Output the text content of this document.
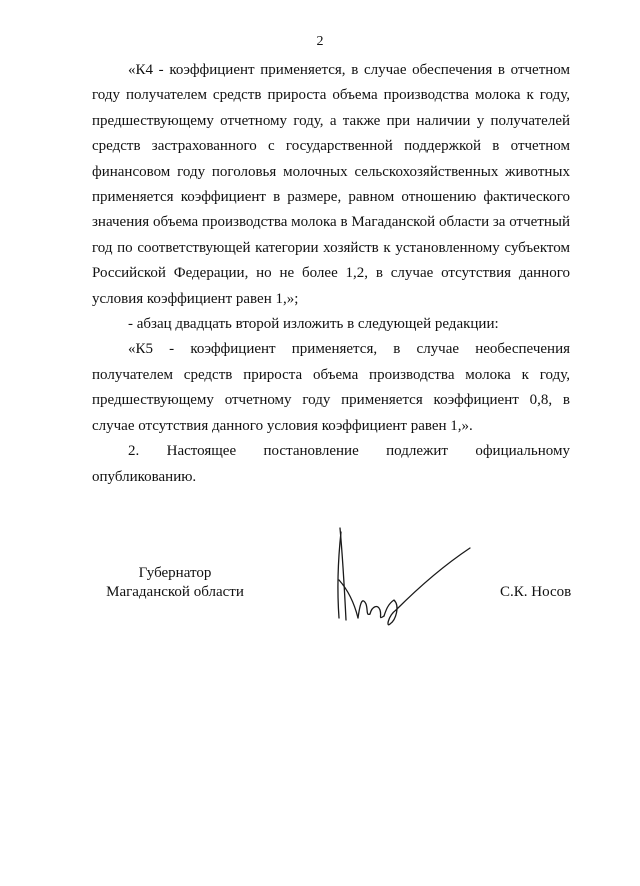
2

«К4 - коэффициент применяется, в случае обеспечения в отчетном году получателем средств прироста объема производства молока к году, предшествующему отчетному году, а также при наличии у получателей средств застрахованного с государственной поддержкой в отчетном финансовом году поголовья молочных сельскохозяйственных животных применяется коэффициент в размере, равном отношению фактического значения объема производства молока в Магаданской области за отчетный год по соответствующей категории хозяйств к установленному субъектом Российской Федерации, но не более 1,2, в случае отсутствия данного условия коэффициент равен 1,»;

- абзац двадцать второй изложить в следующей редакции:

«К5 - коэффициент применяется, в случае необеспечения получателем средств прироста объема производства молока к году, предшествующему отчетному году применяется коэффициент 0,8, в случае отсутствия данного условия коэффициент равен 1,».

2. Настоящее постановление подлежит официальному опубликованию.

Губернатор
Магаданской области	С.К. Носов
